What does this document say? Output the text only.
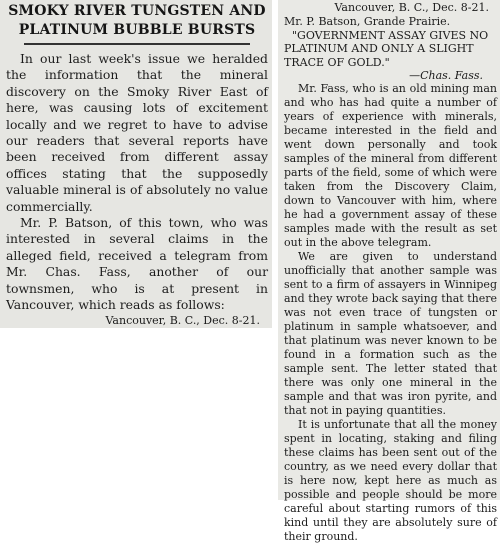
SMOKY RIVER TUNGSTEN AND
PLATINUM BUBBLE BURSTS

In our last week's issue we heralded the information that the mineral discovery on the Smoky River East of here, was causing lots of excitement locally and we regret to have to advise our readers that several reports have been received from different assay offices stating that the supposedly valuable mineral is of absolutely no value commercially.

Mr. P. Batson, of this town, who was interested in several claims in the alleged field, received a telegram from Mr. Chas. Fass, another of our townsmen, who is at present in Vancouver, which reads as follows:

Vancouver, B. C., Dec. 8-21.

Vancouver, B. C., Dec. 8-21.

Mr. P. Batson, Grande Prairie.

"GOVERNMENT ASSAY GIVES NO PLATINUM AND ONLY A SLIGHT TRACE OF GOLD."

—Chas. Fass.

Mr. Fass, who is an old mining man and who has had quite a number of years of experience with minerals, became interested in the field and went down personally and took samples of the mineral from different parts of the field, some of which were taken from the Discovery Claim, down to Vancouver with him, where he had a government assay of these samples made with the result as set out in the above telegram.

We are given to understand unofficially that another sample was sent to a firm of assayers in Winnipeg and they wrote back saying that there was not even trace of tungsten or platinum in sample whatsoever, and that platinum was never known to be found in a formation such as the sample sent. The letter stated that there was only one mineral in the sample and that was iron pyrite, and that not in paying quantities.

It is unfortunate that all the money spent in locating, staking and filing these claims has been sent out of the country, as we need every dollar that is here now, kept here as much as possible and people should be more careful about starting rumors of this kind until they are absolutely sure of their ground.
